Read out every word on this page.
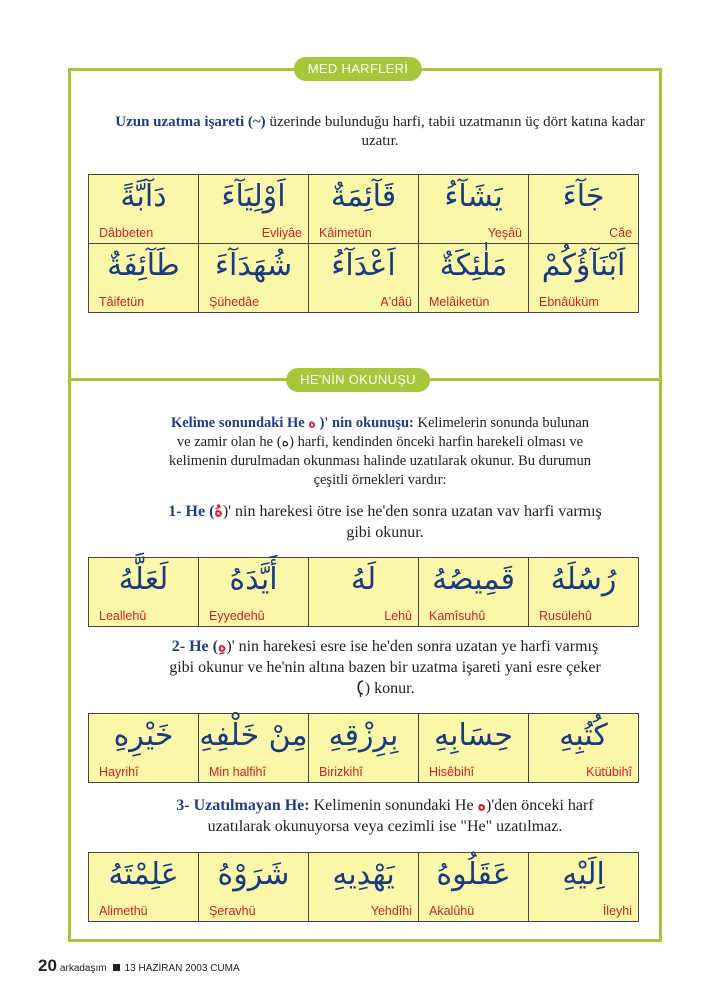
MED HARFLERİ
Uzun uzatma işareti (~) üzerinde bulunduğu harfi, tabii uzatmanın üç dört katına kadar uzatır.
دَآبَّةً
Dâbbeten
اَوْلِيَآءَ
Evliyâe
قَآئِمَةٌ
Kâimetün
يَشَآءُ
Yeşâü
جَآءَ
Câe
طَآئِفَةٌ
Tâifetün
شُهَدَآءَ
Şühedâe
اَعْدَآءُ
A'dâü
مَلٰئِكَةٌ
Melâiketün
اَبْنَآؤُكُمْ
Ebnâüküm
HE'NİN OKUNUŞU
Kelime sonundaki He ه )' nin okunuşu: Kelimelerin sonunda bulunan
ve zamir olan he (ه) harfi, kendinden önceki harfin harekeli olması ve
kelimenin durulmadan okunması halinde uzatılarak okunur. Bu durumun
çeşitli örnekleri vardır:
1- He (هُ)' nin harekesi ötre ise he'den sonra uzatan vav harfi varmış
gibi okunur.
لَعَلَّهُ
Leallehû
أَيَّدَهُ
Eyyedehû
لَهُ
Lehû
قَمِيصُهُ
Kamîsuhû
رُسُلَهُ
Rusülehû
2- He (هِ)' nin harekesi esre ise he'den sonra uzatan ye harfi varmış
gibi okunur ve he'nin altına bazen bir uzatma işareti yani esre çeker
(ٖ) konur.
خَيْرِهِ
Hayrihî
مِنْ خَلْفِهِ
Min halfihî
بِرِزْقِهِ
Birizkihî
حِسَابِهِ
Hisêbihî
كُتُبِهِ
Kütübihî
3- Uzatılmayan He: Kelimenin sonundaki He ه)'den önceki harf
uzatılarak okunuyorsa veya cezimli ise "He" uzatılmaz.
عَلِمْتَهُ
Alimethü
شَرَوْهُ
Şeravhü
يَهْدِيهِ
Yehdîhi
عَقَلُوهُ
Akalûhü
اِلَيْهِ
İleyhi
20 arkadaşım 13 HAZİRAN 2003 CUMA
